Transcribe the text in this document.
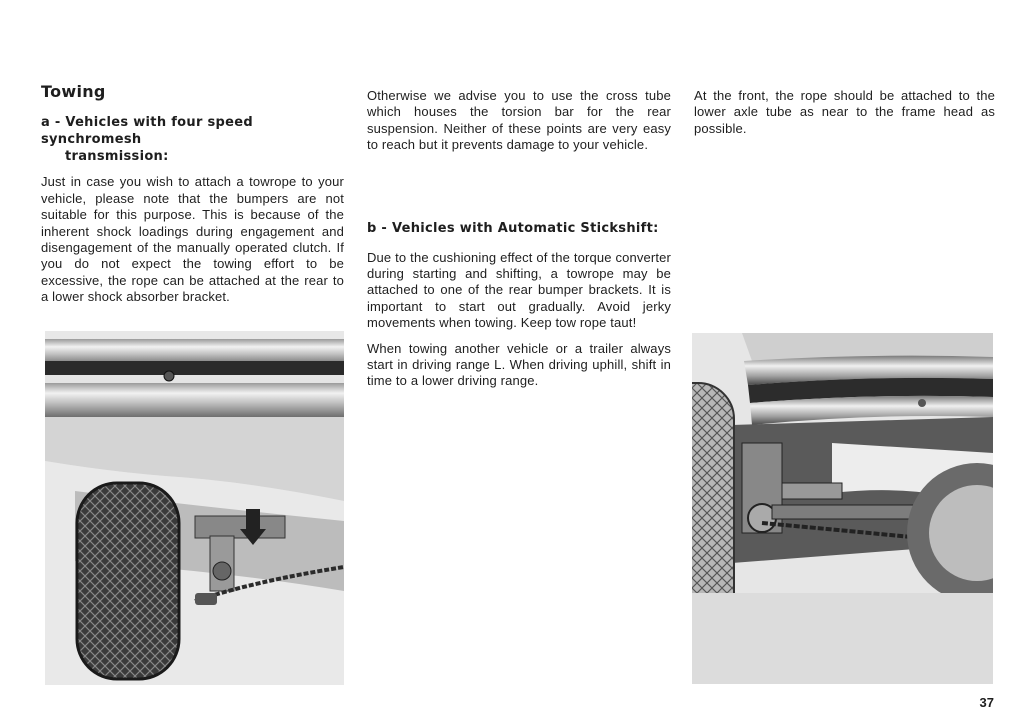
Towing
a - Vehicles with four speed synchromesh
transmission:

Just in case you wish to attach a towrope to your vehicle, please note that the bumpers are not suitable for this purpose. This is because of the inherent shock loadings during engagement and disengagement of the manually operated clutch. If you do not expect the towing effort to be excessive, the rope can be attached at the rear to a lower shock absorber bracket.

Otherwise we advise you to use the cross tube which houses the torsion bar for the rear suspension. Neither of these points are very easy to reach but it prevents damage to your vehicle.

b - Vehicles with Automatic Stickshift:

Due to the cushioning effect of the torque converter during starting and shifting, a towrope may be attached to one of the rear bumper brackets. It is important to start out gradually. Avoid jerky movements when towing. Keep tow rope taut!

When towing another vehicle or a trailer always start in driving range L. When driving uphill, shift in time to a lower driving range.

At the front, the rope should be attached to the lower axle tube as near to the frame head as possible.

37
